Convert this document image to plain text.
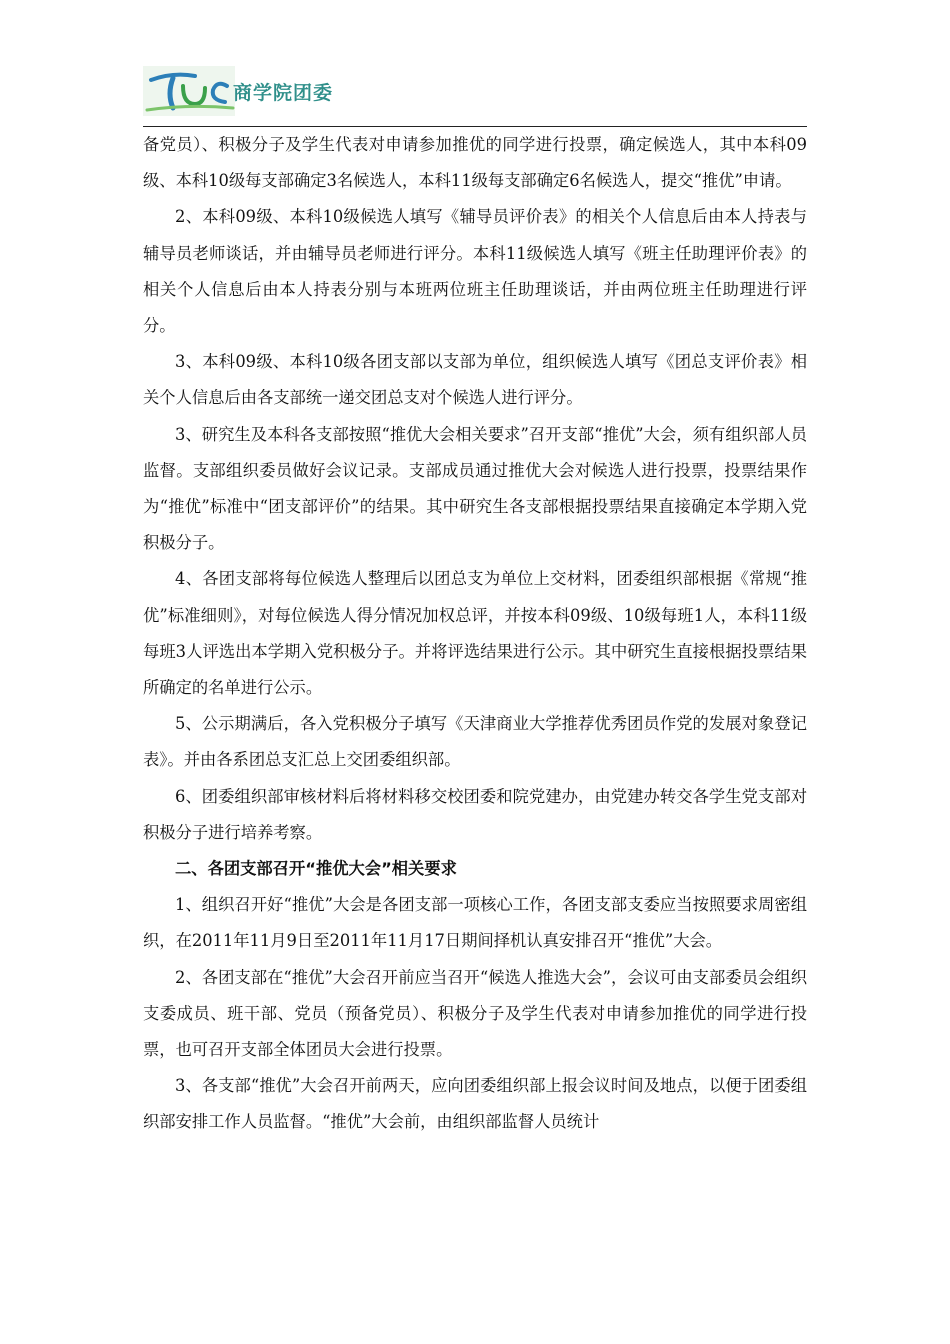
商学院团委

备党员）、积极分子及学生代表对申请参加推优的同学进行投票，确定候选人，其中本科09级、本科10级每支部确定3名候选人，本科11级每支部确定6名候选人，提交“推优”申请。

2、本科09级、本科10级候选人填写《辅导员评价表》的相关个人信息后由本人持表与辅导员老师谈话，并由辅导员老师进行评分。本科11级候选人填写《班主任助理评价表》的相关个人信息后由本人持表分别与本班两位班主任助理谈话，并由两位班主任助理进行评分。

3、本科09级、本科10级各团支部以支部为单位，组织候选人填写《团总支评价表》相关个人信息后由各支部统一递交团总支对个候选人进行评分。

3、研究生及本科各支部按照“推优大会相关要求”召开支部“推优”大会，须有组织部人员监督。支部组织委员做好会议记录。支部成员通过推优大会对候选人进行投票，投票结果作为“推优”标准中“团支部评价”的结果。其中研究生各支部根据投票结果直接确定本学期入党积极分子。

4、各团支部将每位候选人整理后以团总支为单位上交材料，团委组织部根据《常规“推优”标准细则》，对每位候选人得分情况加权总评，并按本科09级、10级每班1人，本科11级每班3人评选出本学期入党积极分子。并将评选结果进行公示。其中研究生直接根据投票结果所确定的名单进行公示。

5、公示期满后，各入党积极分子填写《天津商业大学推荐优秀团员作党的发展对象登记表》。并由各系团总支汇总上交团委组织部。

6、团委组织部审核材料后将材料移交校团委和院党建办，由党建办转交各学生党支部对积极分子进行培养考察。

二、各团支部召开“推优大会”相关要求

1、组织召开好“推优”大会是各团支部一项核心工作，各团支部支委应当按照要求周密组织，在2011年11月9日至2011年11月17日期间择机认真安排召开“推优”大会。

2、各团支部在“推优”大会召开前应当召开“候选人推选大会”，会议可由支部委员会组织支委成员、班干部、党员（预备党员）、积极分子及学生代表对申请参加推优的同学进行投票，也可召开支部全体团员大会进行投票。

3、各支部“推优”大会召开前两天，应向团委组织部上报会议时间及地点，以便于团委组织部安排工作人员监督。“推优”大会前，由组织部监督人员统计
